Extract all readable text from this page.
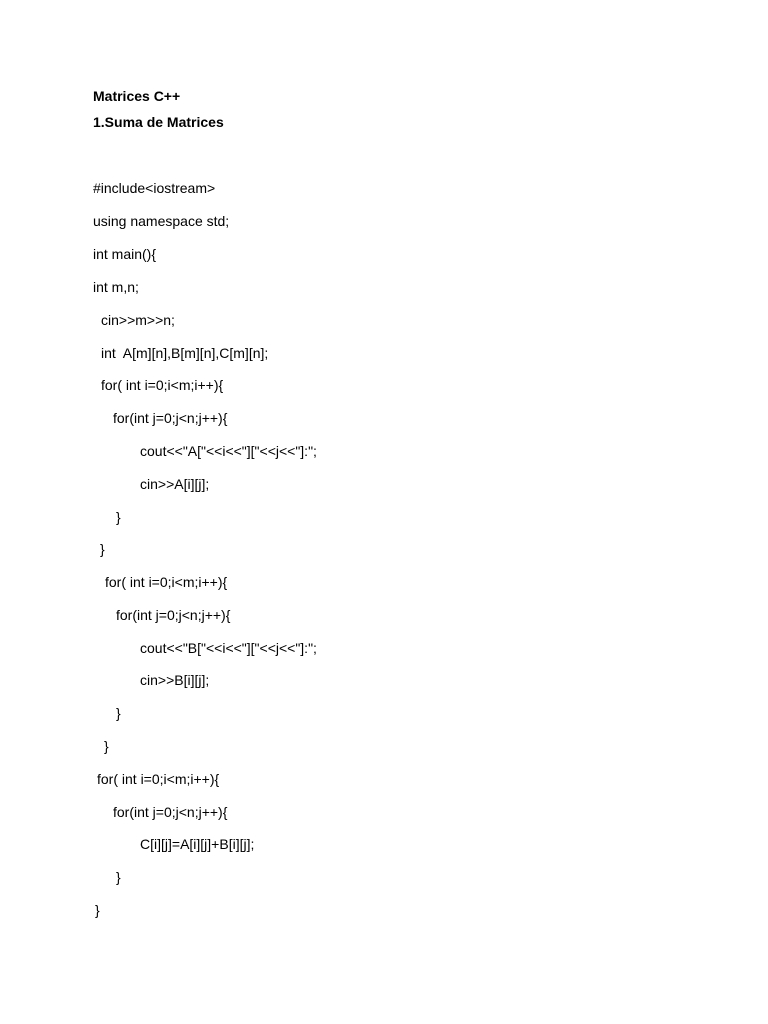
Matrices C++
1.Suma de Matrices
#include<iostream>
using namespace std;
int main(){
int m,n;
cin>>m>>n;
int  A[m][n],B[m][n],C[m][n];
for( int i=0;i<m;i++){
for(int j=0;j<n;j++){
cout<<"A["<<i<<"]["<<j<<"]:";
cin>>A[i][j];
}
}
for( int i=0;i<m;i++){
for(int j=0;j<n;j++){
cout<<"B["<<i<<"]["<<j<<"]:";
cin>>B[i][j];
}
}
for( int i=0;i<m;i++){
for(int j=0;j<n;j++){
C[i][j]=A[i][j]+B[i][j];
}
}
